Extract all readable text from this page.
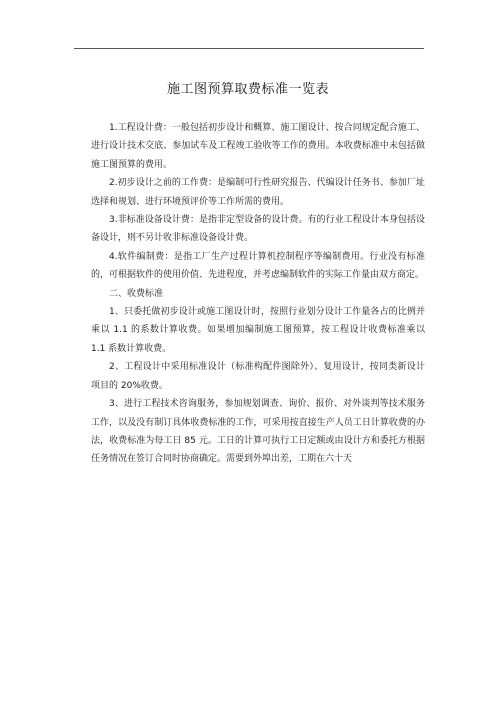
施工图预算取费标准一览表

1.工程设计费：一般包括初步设计和概算、施工图设计、按合同规定配合施工、进行设计技术交底、参加试车及工程竣工验收等工作的费用。本收费标准中未包括做施工图预算的费用。

2.初步设计之前的工作费：是编制可行性研究报告、代编设计任务书、参加厂址选择和规划、进行环境预评价等工作所需的费用。

3.非标准设备设计费：是指非定型设备的设计费。有的行业工程设计本身包括设备设计，则不另计收非标准设备设计费。

4.软件编制费：是指工厂生产过程计算机控制程序等编制费用。行业没有标准的，可根据软件的使用价值、先进程度，并考虑编制软件的实际工作量由双方商定。

二、收费标准

1、只委托做初步设计或施工图设计时，按照行业划分设计工作量各占的比例并乘以 1.1 的系数计算收费。如果增加编制施工图预算，按工程设计收费标准乘以 1.1 系数计算收费。

2、工程设计中采用标准设计（标准构配件图除外）、复用设计，按同类新设计项目的 20%收费。

3、进行工程技术咨询服务，参加规划调查、询价、报价、对外谈判等技术服务工作，以及没有制订具体收费标准的工作，可采用按直接生产人员工日计算收费的办法，收费标准为每工日 85 元。工日的计算可执行工日定额或由设计方和委托方根据任务情况在签订合同时协商确定。需要到外埠出差，工期在六十天
